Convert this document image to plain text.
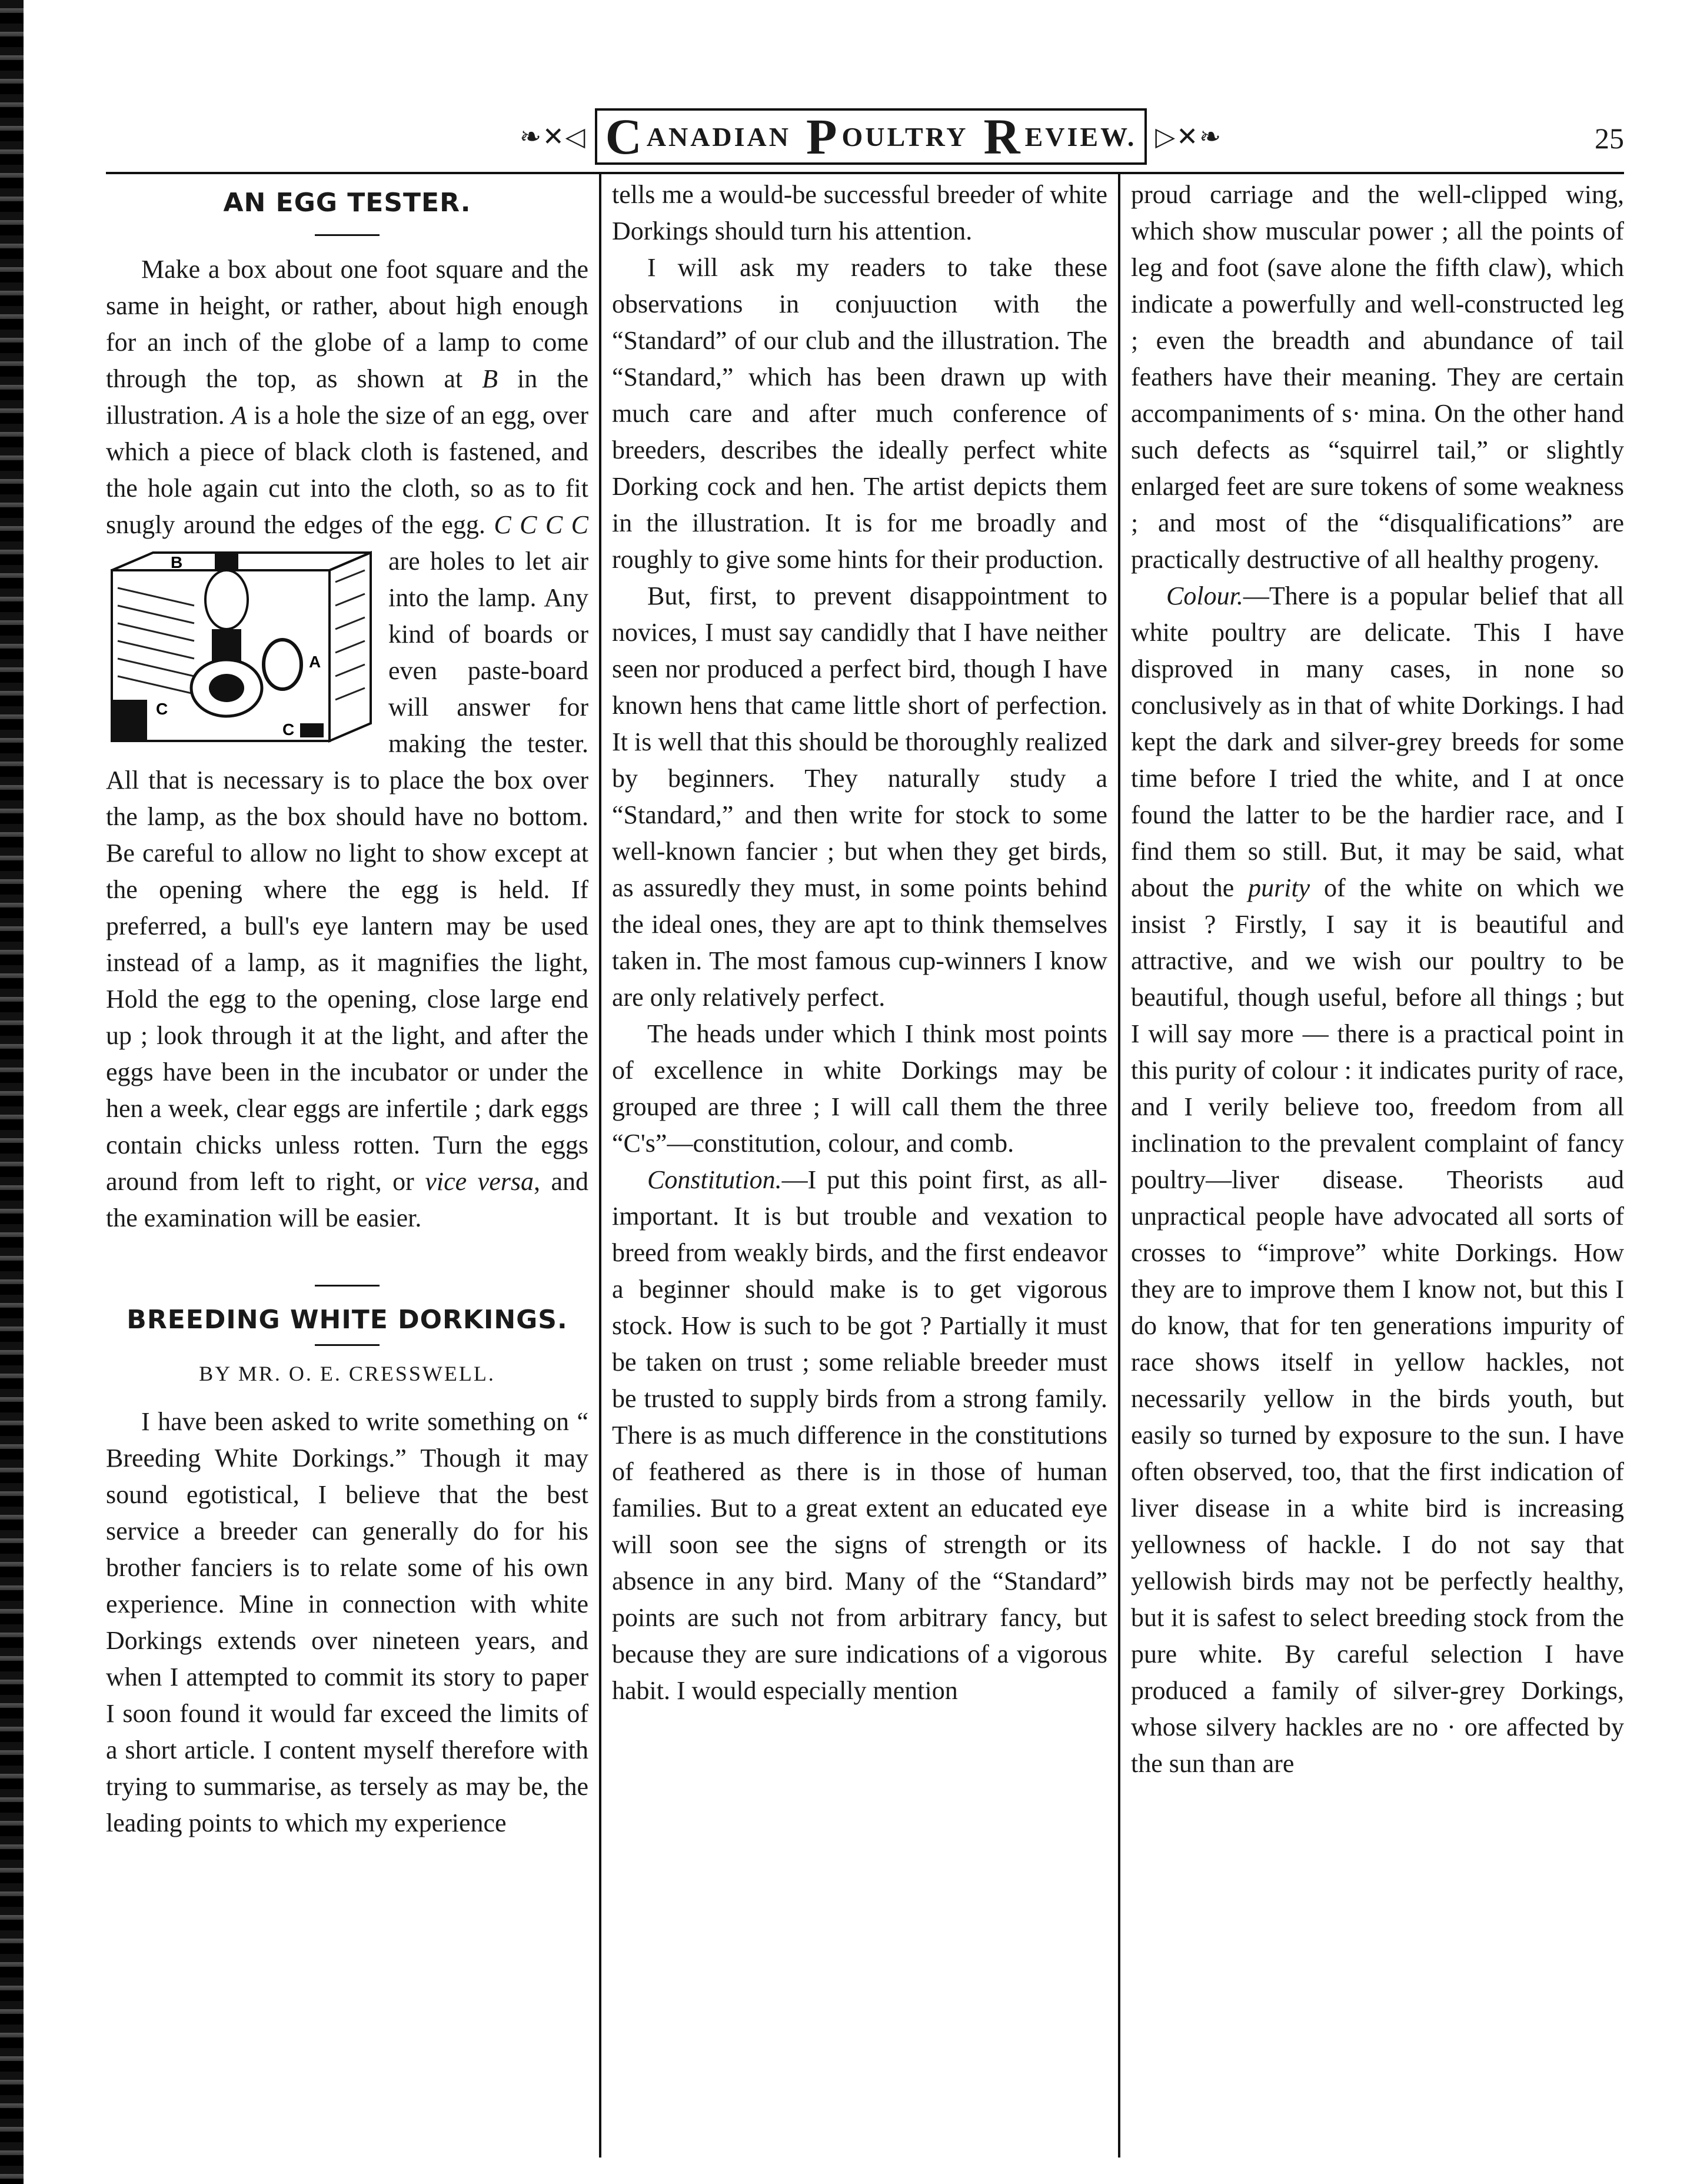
❧✕◁ C ANADIAN P OULTRY R EVIEW. ▷✕❧	25
AN EGG TESTER.

Make a box about one foot square and the same in height, or rather, about high enough for an inch of the globe of a lamp to come through the top, as shown at B in the illustration. A is a hole the size of an egg, over which a piece of black cloth is fastened, and the hole again cut into the cloth, so as to fit snugly around the edges of the egg. C C C C
B
A
C
C
are holes to let air into the lamp. Any kind of boards or even paste-board will answer for making the tester. All that is necessary is to place the box over the lamp, as the box should have no bottom. Be careful to allow no light to show except at the opening where the egg is held. If preferred, a bull's eye lantern may be used instead of a lamp, as it magnifies the light, Hold the egg to the opening, close large end up ; look through it at the light, and after the eggs have been in the incubator or under the hen a week, clear eggs are infertile ; dark eggs contain chicks unless rotten. Turn the eggs around from left to right, or vice versa, and the examination will be easier.

BREEDING WHITE DORKINGS.
BY MR. O. E. CRESSWELL.

I have been asked to write something on “ Breeding White Dorkings.” Though it may sound egotistical, I believe that the best service a breeder can generally do for his brother fanciers is to relate some of his own experience. Mine in connection with white Dorkings extends over nineteen years, and when I attempted to commit its story to paper I soon found it would far exceed the limits of a short article. I content myself therefore with trying to summarise, as tersely as may be, the leading points to which my experience

tells me a would-be successful breeder of white Dorkings should turn his attention.

I will ask my readers to take these observations in conjuuction with the “Standard” of our club and the illustration. The “Standard,” which has been drawn up with much care and after much conference of breeders, describes the ideally perfect white Dorking cock and hen. The artist depicts them in the illustration. It is for me broadly and roughly to give some hints for their production.

But, first, to prevent disappointment to novices, I must say candidly that I have neither seen nor produced a perfect bird, though I have known hens that came little short of perfection. It is well that this should be thoroughly realized by beginners. They naturally study a “Standard,” and then write for stock to some well-known fancier ; but when they get birds, as assuredly they must, in some points behind the ideal ones, they are apt to think themselves taken in. The most famous cup-winners I know are only relatively perfect.

The heads under which I think most points of excellence in white Dorkings may be grouped are three ; I will call them the three “C's”—constitution, colour, and comb.

Constitution.—I put this point first, as all-important. It is but trouble and vexation to breed from weakly birds, and the first endeavor a beginner should make is to get vigorous stock. How is such to be got ? Partially it must be taken on trust ; some reliable breeder must be trusted to supply birds from a strong family. There is as much difference in the constitutions of feathered as there is in those of human families. But to a great extent an educated eye will soon see the signs of strength or its absence in any bird. Many of the “Standard” points are such not from arbitrary fancy, but because they are sure indications of a vigorous habit. I would especially mention

proud carriage and the well-clipped wing, which show muscular power ; all the points of leg and foot (save alone the fifth claw), which indicate a powerfully and well-constructed leg ; even the breadth and abundance of tail feathers have their meaning. They are certain accompaniments of s· mina. On the other hand such defects as “squirrel tail,” or slightly enlarged feet are sure tokens of some weakness ; and most of the “disqualifications” are practically destructive of all healthy progeny.

Colour.—There is a popular belief that all white poultry are delicate. This I have disproved in many cases, in none so conclusively as in that of white Dorkings. I had kept the dark and silver-grey breeds for some time before I tried the white, and I at once found the latter to be the hardier race, and I find them so still. But, it may be said, what about the purity of the white on which we insist ? Firstly, I say it is beautiful and attractive, and we wish our poultry to be beautiful, though useful, before all things ; but I will say more — there is a practical point in this purity of colour : it indicates purity of race, and I verily believe too, freedom from all inclination to the prevalent complaint of fancy poultry—liver disease. Theorists aud unpractical people have advocated all sorts of crosses to “improve” white Dorkings. How they are to improve them I know not, but this I do know, that for ten generations impurity of race shows itself in yellow hackles, not necessarily yellow in the birds youth, but easily so turned by exposure to the sun. I have often observed, too, that the first indication of liver disease in a white bird is increasing yellowness of hackle. I do not say that yellowish birds may not be perfectly healthy, but it is safest to select breeding stock from the pure white. By careful selection I have produced a family of silver-grey Dorkings, whose silvery hackles are no · ore affected by the sun than are
